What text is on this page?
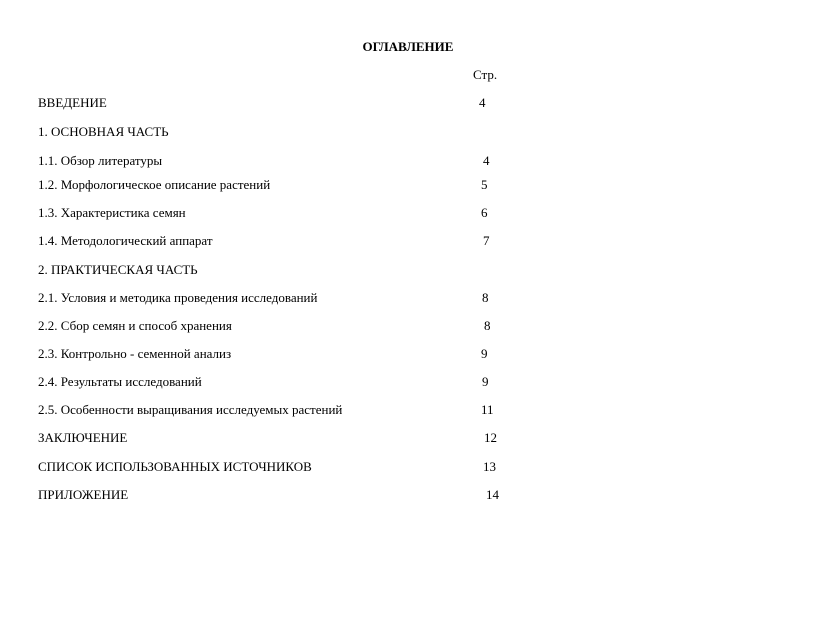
ОГЛАВЛЕНИЕ
Стр.
ВВЕДЕНИЕ	4
1. ОСНОВНАЯ ЧАСТЬ
1.1. Обзор литературы	4
1.2. Морфологическое описание растений	5
1.3. Характеристика семян	6
1.4. Методологический аппарат	7
2. ПРАКТИЧЕСКАЯ ЧАСТЬ
2.1. Условия и методика проведения исследований	8
2.2. Сбор семян и способ хранения	8
2.3. Контрольно - семенной анализ	9
2.4. Результаты исследований	9
2.5. Особенности выращивания исследуемых растений	11
ЗАКЛЮЧЕНИЕ	12
СПИСОК ИСПОЛЬЗОВАННЫХ ИСТОЧНИКОВ	13
ПРИЛОЖЕНИЕ	14
